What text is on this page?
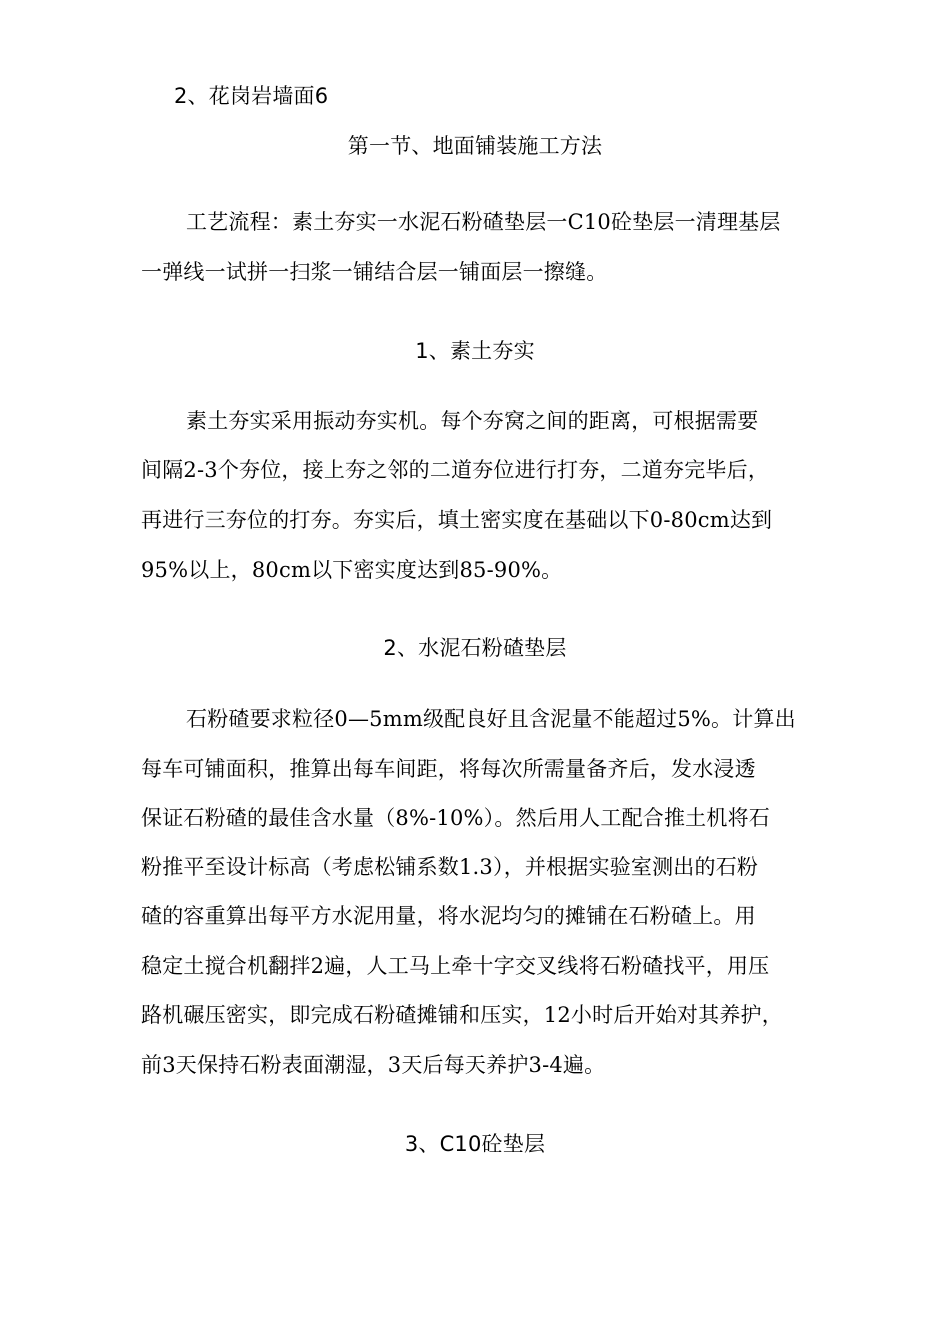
2、花岗岩墙面6
第一节、地面铺装施工方法
工艺流程：素土夯实一水泥石粉碴垫层一C10砼垫层一清理基层
一弹线一试拼一扫浆一铺结合层一铺面层一擦缝。
1、素土夯实
素土夯实采用振动夯实机。每个夯窝之间的距离，可根据需要
间隔2-3个夯位，接上夯之邻的二道夯位进行打夯，二道夯完毕后，
再进行三夯位的打夯。夯实后，填土密实度在基础以下0-80cm达到
95%以上，80cm以下密实度达到85-90%。
2、水泥石粉碴垫层
石粉碴要求粒径0—5mm级配良好且含泥量不能超过5%。计算出
每车可铺面积，推算出每车间距，将每次所需量备齐后，发水浸透
保证石粉碴的最佳含水量（8%-10%）。然后用人工配合推土机将石
粉推平至设计标高（考虑松铺系数1.3），并根据实验室测出的石粉
碴的容重算出每平方水泥用量，将水泥均匀的摊铺在石粉碴上。用
稳定土搅合机翻拌2遍，人工马上牵十字交叉线将石粉碴找平，用压
路机碾压密实，即完成石粉碴摊铺和压实，12小时后开始对其养护，
前3天保持石粉表面潮湿，3天后每天养护3-4遍。
3、C10砼垫层
